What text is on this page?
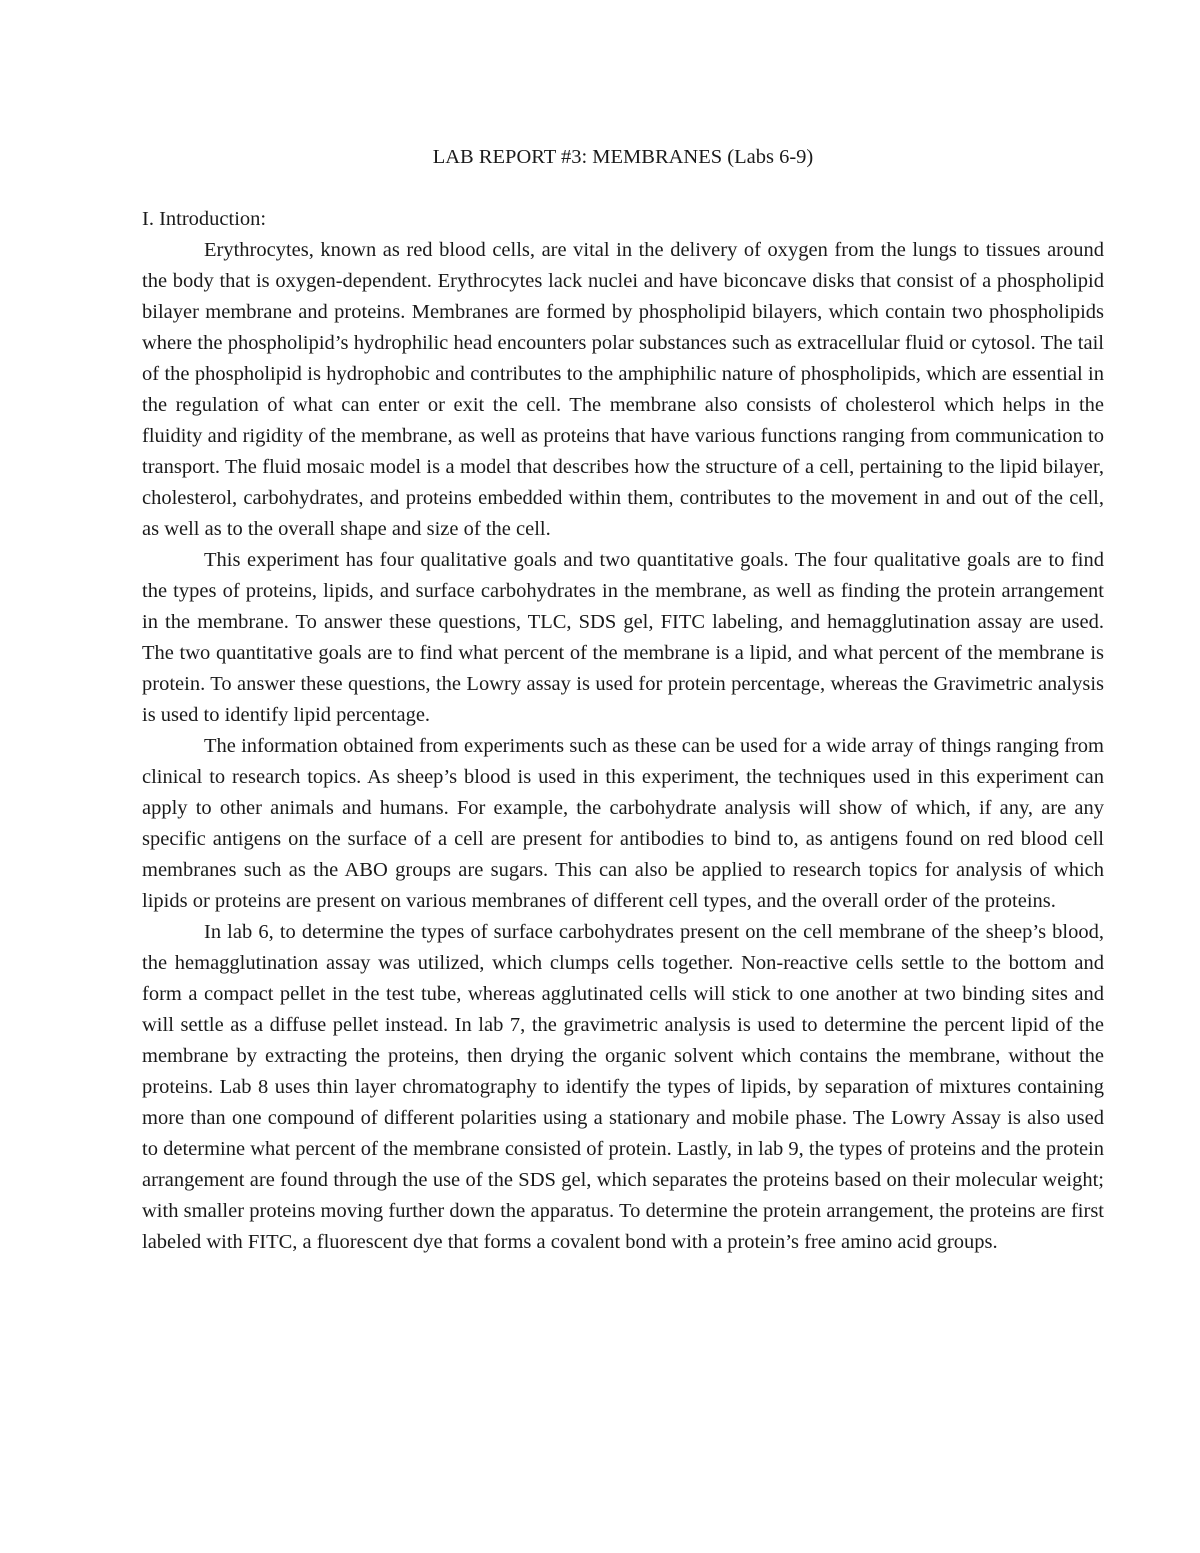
LAB REPORT #3: MEMBRANES (Labs 6-9)
I. Introduction:

Erythrocytes, known as red blood cells, are vital in the delivery of oxygen from the lungs to tissues around the body that is oxygen-dependent. Erythrocytes lack nuclei and have biconcave disks that consist of a phospholipid bilayer membrane and proteins. Membranes are formed by phospholipid bilayers, which contain two phospholipids where the phospholipid’s hydrophilic head encounters polar substances such as extracellular fluid or cytosol. The tail of the phospholipid is hydrophobic and contributes to the amphiphilic nature of phospholipids, which are essential in the regulation of what can enter or exit the cell. The membrane also consists of cholesterol which helps in the fluidity and rigidity of the membrane, as well as proteins that have various functions ranging from communication to transport. The fluid mosaic model is a model that describes how the structure of a cell, pertaining to the lipid bilayer, cholesterol, carbohydrates, and proteins embedded within them, contributes to the movement in and out of the cell, as well as to the overall shape and size of the cell.

This experiment has four qualitative goals and two quantitative goals. The four qualitative goals are to find the types of proteins, lipids, and surface carbohydrates in the membrane, as well as finding the protein arrangement in the membrane. To answer these questions, TLC, SDS gel, FITC labeling, and hemagglutination assay are used. The two quantitative goals are to find what percent of the membrane is a lipid, and what percent of the membrane is protein. To answer these questions, the Lowry assay is used for protein percentage, whereas the Gravimetric analysis is used to identify lipid percentage.

The information obtained from experiments such as these can be used for a wide array of things ranging from clinical to research topics. As sheep’s blood is used in this experiment, the techniques used in this experiment can apply to other animals and humans. For example, the carbohydrate analysis will show of which, if any, are any specific antigens on the surface of a cell are present for antibodies to bind to, as antigens found on red blood cell membranes such as the ABO groups are sugars. This can also be applied to research topics for analysis of which lipids or proteins are present on various membranes of different cell types, and the overall order of the proteins.

In lab 6, to determine the types of surface carbohydrates present on the cell membrane of the sheep’s blood, the hemagglutination assay was utilized, which clumps cells together. Non-reactive cells settle to the bottom and form a compact pellet in the test tube, whereas agglutinated cells will stick to one another at two binding sites and will settle as a diffuse pellet instead. In lab 7, the gravimetric analysis is used to determine the percent lipid of the membrane by extracting the proteins, then drying the organic solvent which contains the membrane, without the proteins. Lab 8 uses thin layer chromatography to identify the types of lipids, by separation of mixtures containing more than one compound of different polarities using a stationary and mobile phase. The Lowry Assay is also used to determine what percent of the membrane consisted of protein. Lastly, in lab 9, the types of proteins and the protein arrangement are found through the use of the SDS gel, which separates the proteins based on their molecular weight; with smaller proteins moving further down the apparatus. To determine the protein arrangement, the proteins are first labeled with FITC, a fluorescent dye that forms a covalent bond with a protein’s free amino acid groups.
